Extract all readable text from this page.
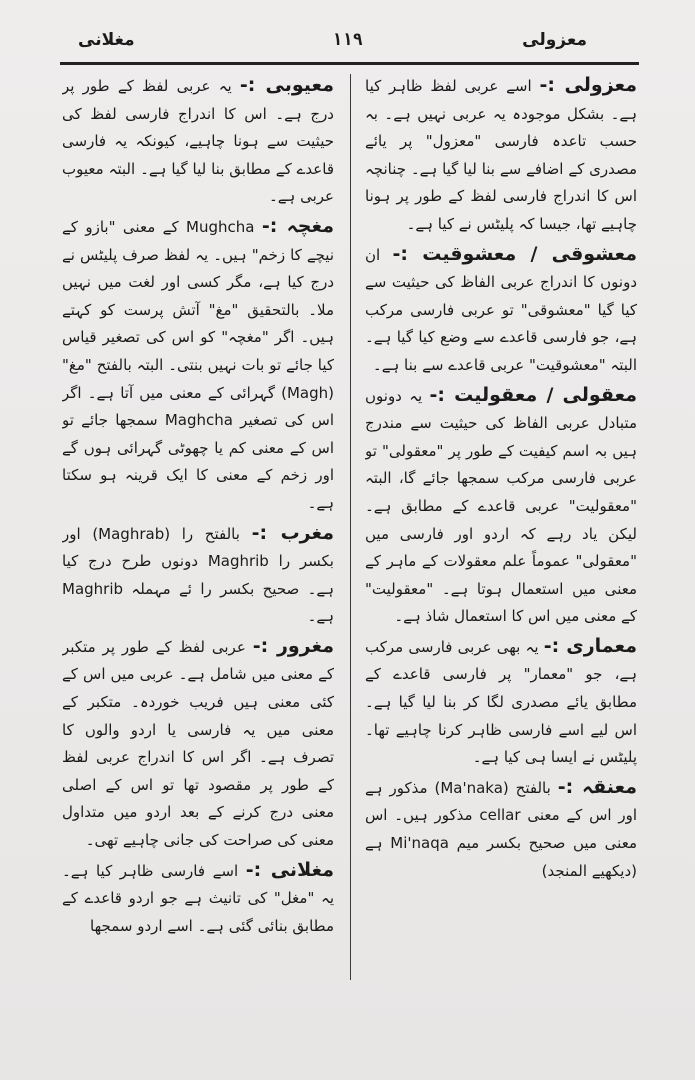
معزولی
۱۱۹
مغلانی

معزولی :- اسے عربی لفظ ظاہر کیا ہے۔ بشکل موجودہ یہ عربی نہیں ہے۔ بہ حسب تاعدہ فارسی "معزول" پر یائے مصدری کے اضافے سے بنا لیا گیا ہے۔ چنانچہ اس کا اندراج فارسی لفظ کے طور پر ہونا چاہیے تھا، جیسا کہ پلیٹس نے کیا ہے۔

معشوقی / معشوقیت :- ان دونوں کا اندراج عربی الفاظ کی حیثیت سے کیا گیا "معشوقی" تو عربی فارسی مرکب ہے، جو فارسی قاعدے سے وضع کیا گیا ہے۔ البتہ "معشوقیت" عربی قاعدے سے بنا ہے۔

معقولی / معقولیت :- یہ دونوں متبادل عربی الفاظ کی حیثیت سے مندرج ہیں بہ اسم کیفیت کے طور پر "معقولی" تو عربی فارسی مرکب سمجھا جائے گا، البتہ "معقولیت" عربی قاعدے کے مطابق ہے۔ لیکن یاد رہے کہ اردو اور فارسی میں "معقولی" عموماً علم معقولات کے ماہر کے معنی میں استعمال ہوتا ہے۔ "معقولیت" کے معنی میں اس کا استعمال شاذ ہے۔

معماری :- یہ بھی عربی فارسی مرکب ہے، جو "معمار" پر فارسی قاعدے کے مطابق یائے مصدری لگا کر بنا لیا گیا ہے۔ اس لیے اسے فارسی ظاہر کرنا چاہیے تھا۔ پلیٹس نے ایسا ہی کیا ہے۔

معنقہ :- بالفتح (Ma'naka) مذکور ہے اور اس کے معنی cellar مذکور ہیں۔ اس معنی میں صحیح بکسر میم Mi'naqa ہے (دیکھیے المنجد)

معیوبی :- یہ عربی لفظ کے طور پر درج ہے۔ اس کا اندراج فارسی لفظ کی حیثیت سے ہونا چاہیے، کیونکہ یہ فارسی قاعدے کے مطابق بنا لیا گیا ہے۔ البتہ معیوب عربی ہے۔

مغچہ :- Mughcha کے معنی "بازو کے نیچے کا زخم" ہیں۔ یہ لفظ صرف پلیٹس نے درج کیا ہے، مگر کسی اور لغت میں نہیں ملا۔ بالتحقیق "مغ" آتش پرست کو کہتے ہیں۔ اگر "مغچہ" کو اس کی تصغیر قیاس کیا جائے تو بات نہیں بنتی۔ البتہ بالفتح "مغ" (Magh) گہرائی کے معنی میں آتا ہے۔ اگر اس کی تصغیر Maghcha سمجھا جائے تو اس کے معنی کم یا چھوٹی گہرائی ہوں گے اور زخم کے معنی کا ایک قرینہ ہو سکتا ہے۔

مغرب :- بالفتح را (Maghrab) اور بکسر را Maghrib دونوں طرح درج کیا ہے۔ صحیح بکسر را ئے مہملہ Maghrib ہے۔

مغرور :- عربی لفظ کے طور پر متکبر کے معنی میں شامل ہے۔ عربی میں اس کے کئی معنی ہیں فریب خوردہ۔ متکبر کے معنی میں یہ فارسی یا اردو والوں کا تصرف ہے۔ اگر اس کا اندراج عربی لفظ کے طور پر مقصود تھا تو اس کے اصلی معنی درج کرنے کے بعد اردو میں متداول معنی کی صراحت کی جانی چاہیے تھی۔

مغلانی :- اسے فارسی ظاہر کیا ہے۔ یہ "مغل" کی تانیث ہے جو اردو قاعدے کے مطابق بنائی گئی ہے۔ اسے اردو سمجھا
